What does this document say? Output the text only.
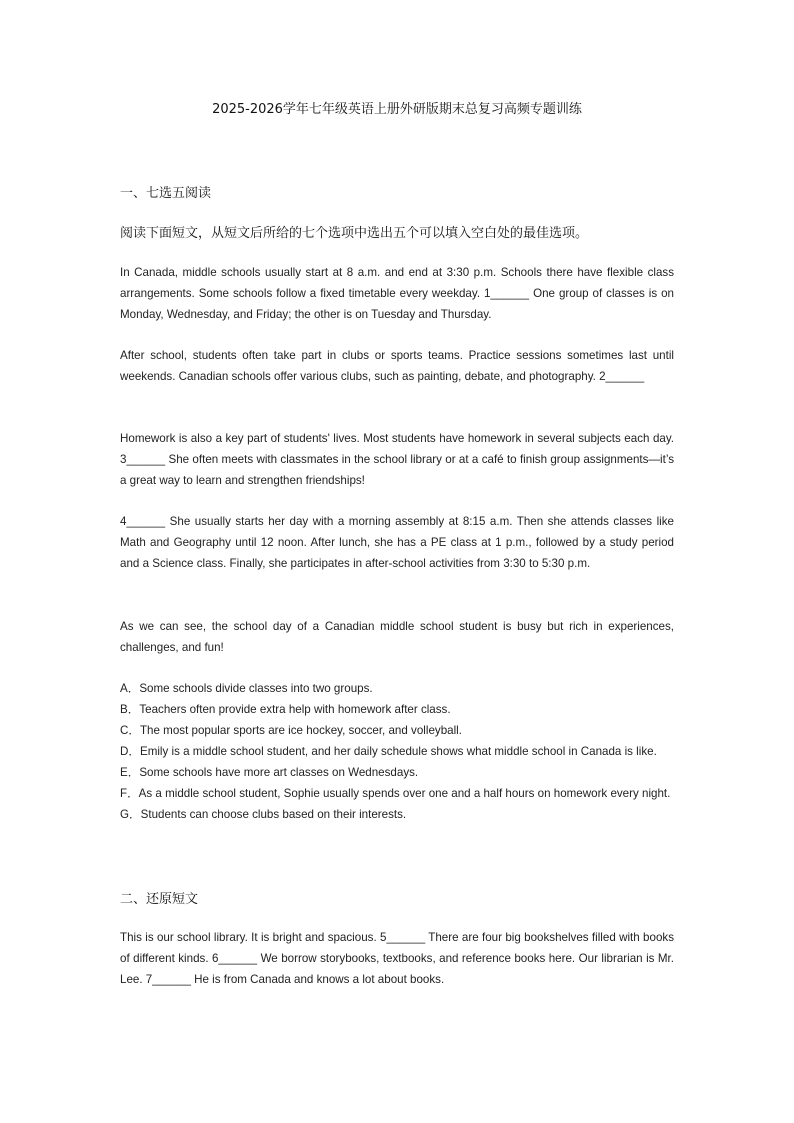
2025-2026学年七年级英语上册外研版期末总复习高频专题训练
一、七选五阅读
阅读下面短文，从短文后所给的七个选项中选出五个可以填入空白处的最佳选项。

In Canada, middle schools usually start at 8 a.m. and end at 3:30 p.m. Schools there have flexible class arrangements. Some schools follow a fixed timetable every weekday. 1______ One group of classes is on Monday, Wednesday, and Friday; the other is on Tuesday and Thursday.

After school, students often take part in clubs or sports teams. Practice sessions sometimes last until weekends. Canadian schools offer various clubs, such as painting, debate, and photography. 2______

Homework is also a key part of students' lives. Most students have homework in several subjects each day. 3______ She often meets with classmates in the school library or at a café to finish group assignments—it’s a great way to learn and strengthen friendships!

4______ She usually starts her day with a morning assembly at 8:15 a.m. Then she attends classes like Math and Geography until 12 noon. After lunch, she has a PE class at 1 p.m., followed by a study period and a Science class. Finally, she participates in after-school activities from 3:30 to 5:30 p.m.

As we can see, the school day of a Canadian middle school student is busy but rich in experiences, challenges, and fun!

A．Some schools divide classes into two groups.

B．Teachers often provide extra help with homework after class.

C．The most popular sports are ice hockey, soccer, and volleyball.

D．Emily is a middle school student, and her daily schedule shows what middle school in Canada is like.

E．Some schools have more art classes on Wednesdays.

F．As a middle school student, Sophie usually spends over one and a half hours on homework every night.

G．Students can choose clubs based on their interests.

二、还原短文

This is our school library. It is bright and spacious. 5______ There are four big bookshelves filled with books of different kinds. 6______ We borrow storybooks, textbooks, and reference books here. Our librarian is Mr. Lee. 7______ He is from Canada and knows a lot about books.
